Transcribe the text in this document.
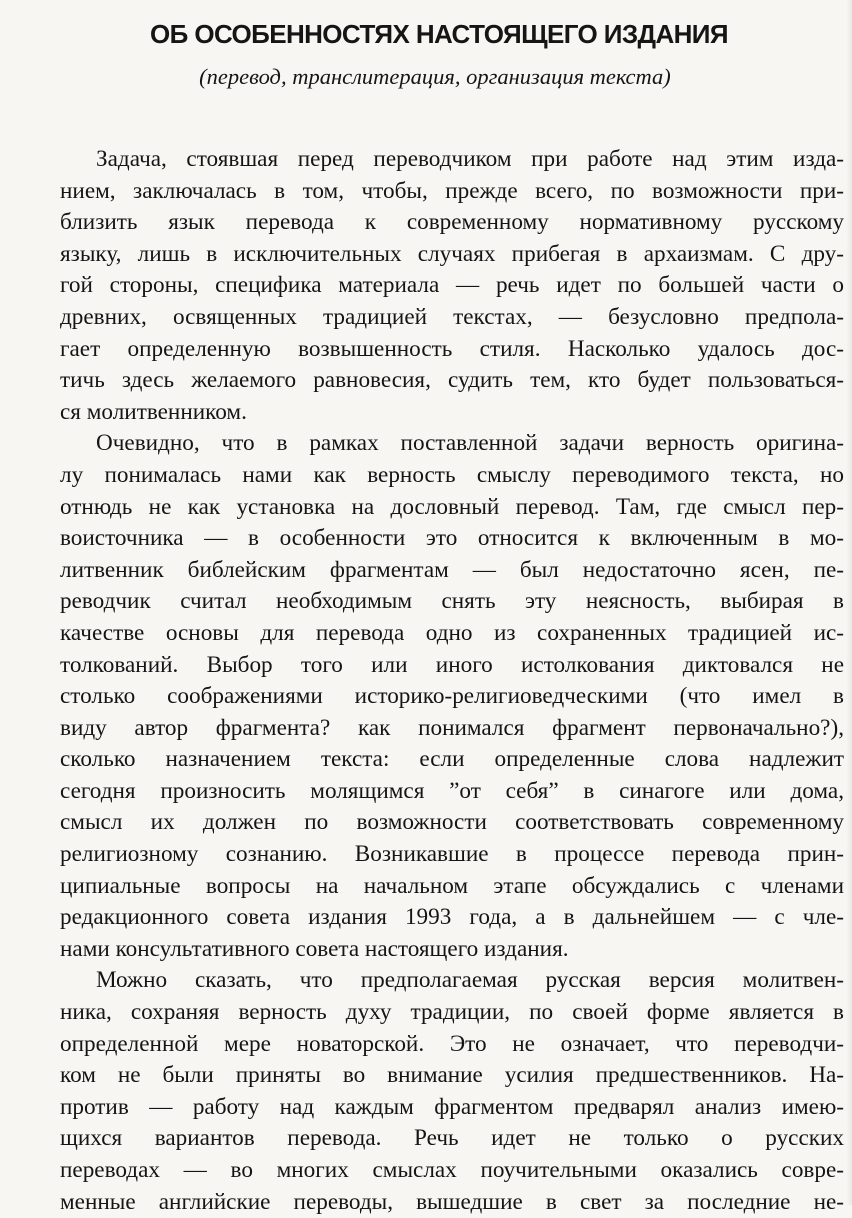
ОБ ОСОБЕННОСТЯХ НАСТОЯЩЕГО ИЗДАНИЯ
(перевод, транслитерация, организация текста)

Задача, стоявшая перед переводчиком при работе над этим изда-
нием, заключалась в том, чтобы, прежде всего, по возможности при-
близить язык перевода к современному нормативному русскому
языку, лишь в исключительных случаях прибегая в архаизмам. С дру-
гой стороны, специфика материала — речь идет по большей части о
древних, освященных традицией текстах, — безусловно предпола-
гает определенную возвышенность стиля. Насколько удалось дос-
тичь здесь желаемого равновесия, судить тем, кто будет пользоваться-
ся молитвенником.

Очевидно, что в рамках поставленной задачи верность оригина-
лу понималась нами как верность смыслу переводимого текста, но
отнюдь не как установка на дословный перевод. Там, где смысл пер-
воисточника — в особенности это относится к включенным в мо-
литвенник библейским фрагментам — был недостаточно ясен, пе-
реводчик считал необходимым снять эту неясность, выбирая в
качестве основы для перевода одно из сохраненных традицией ис-
толкований. Выбор того или иного истолкования диктовался не
столько соображениями историко-религиоведческими (что имел в
виду автор фрагмента? как понимался фрагмент первоначально?),
сколько назначением текста: если определенные слова надлежит
сегодня произносить молящимся ”от себя” в синагоге или дома,
смысл их должен по возможности соответствовать современному
религиозному сознанию. Возникавшие в процессе перевода прин-
ципиальные вопросы на начальном этапе обсуждались с членами
редакционного совета издания 1993 года, а в дальнейшем — с чле-
нами консультативного совета настоящего издания.

Можно сказать, что предполагаемая русская версия молитвен-
ника, сохраняя верность духу традиции, по своей форме является в
определенной мере новаторской. Это не означает, что переводчи-
ком не были приняты во внимание усилия предшественников. На-
против — работу над каждым фрагментом предварял анализ имею-
щихся вариантов перевода. Речь идет не только о русских
переводах — во многих смыслах поучительными оказались совре-
менные английские переводы, вышедшие в свет за последние не-
